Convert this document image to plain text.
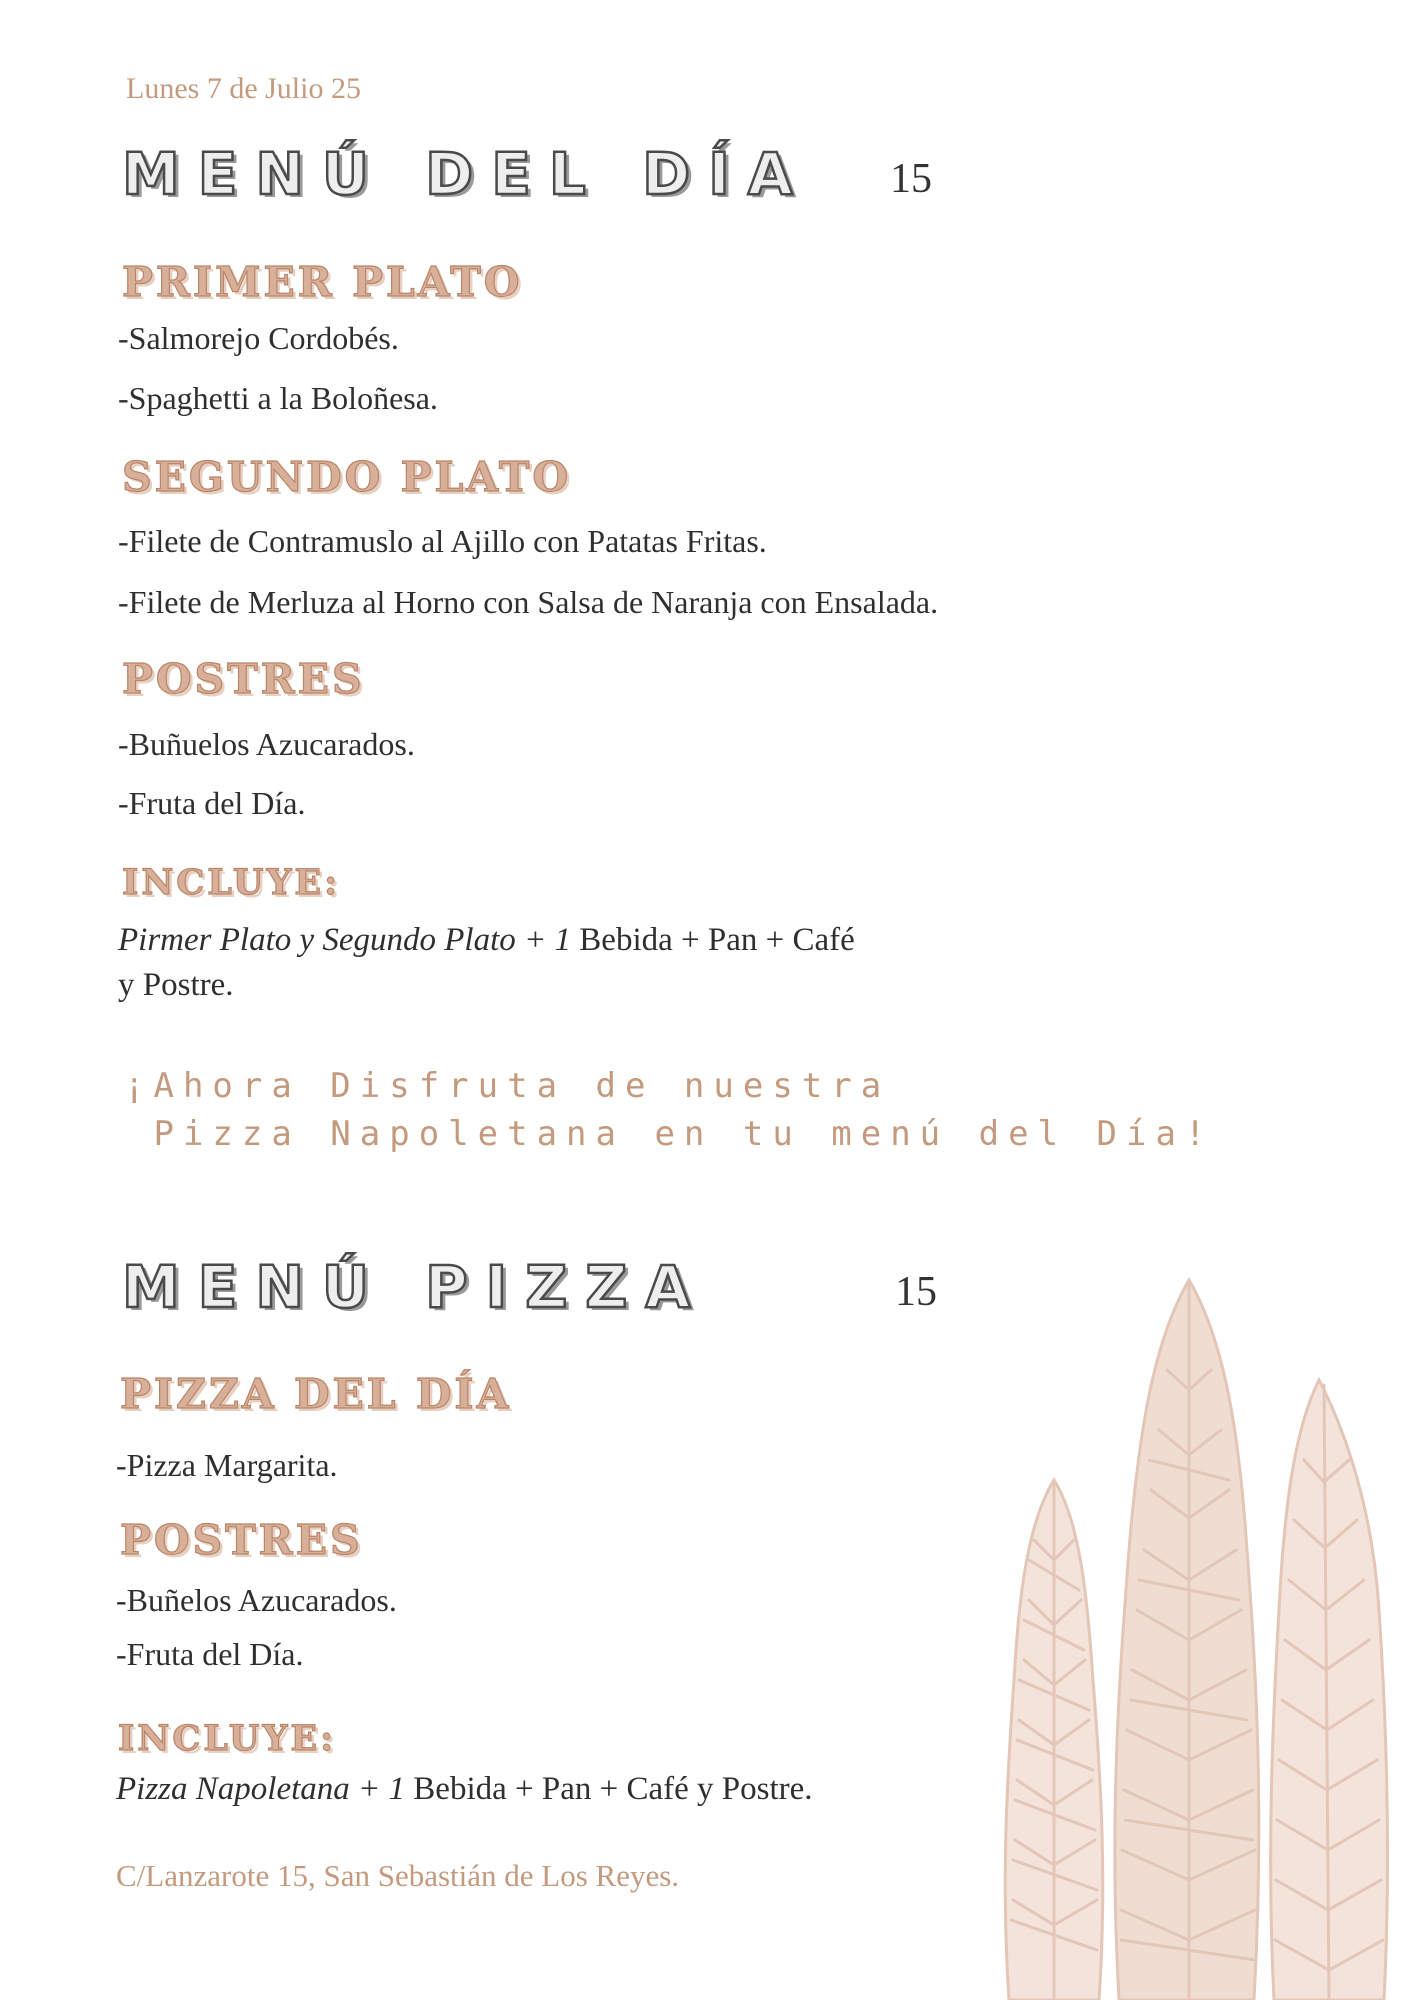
Lunes 7 de Julio 25
MENÚ DEL DÍA 15
PRIMER PLATO
-Salmorejo Cordobés.
-Spaghetti a la Boloñesa.
SEGUNDO PLATO
-Filete de Contramuslo al Ajillo con Patatas Fritas.
-Filete de Merluza al Horno con Salsa de Naranja con Ensalada.
POSTRES
-Buñuelos Azucarados.
-Fruta del Día.
INCLUYE:
Pirmer Plato y Segundo Plato + 1 Bebida + Pan + Café
y Postre.
¡Ahora Disfruta de nuestra
Pizza Napoletana en tu menú del Día!
MENÚ PIZZA	15
PIZZA DEL DÍA
-Pizza Margarita.
POSTRES
-Buñelos Azucarados.
-Fruta del Día.
INCLUYE:
Pizza Napoletana + 1 Bebida + Pan + Café y Postre.
C/Lanzarote 15, San Sebastián de Los Reyes.
